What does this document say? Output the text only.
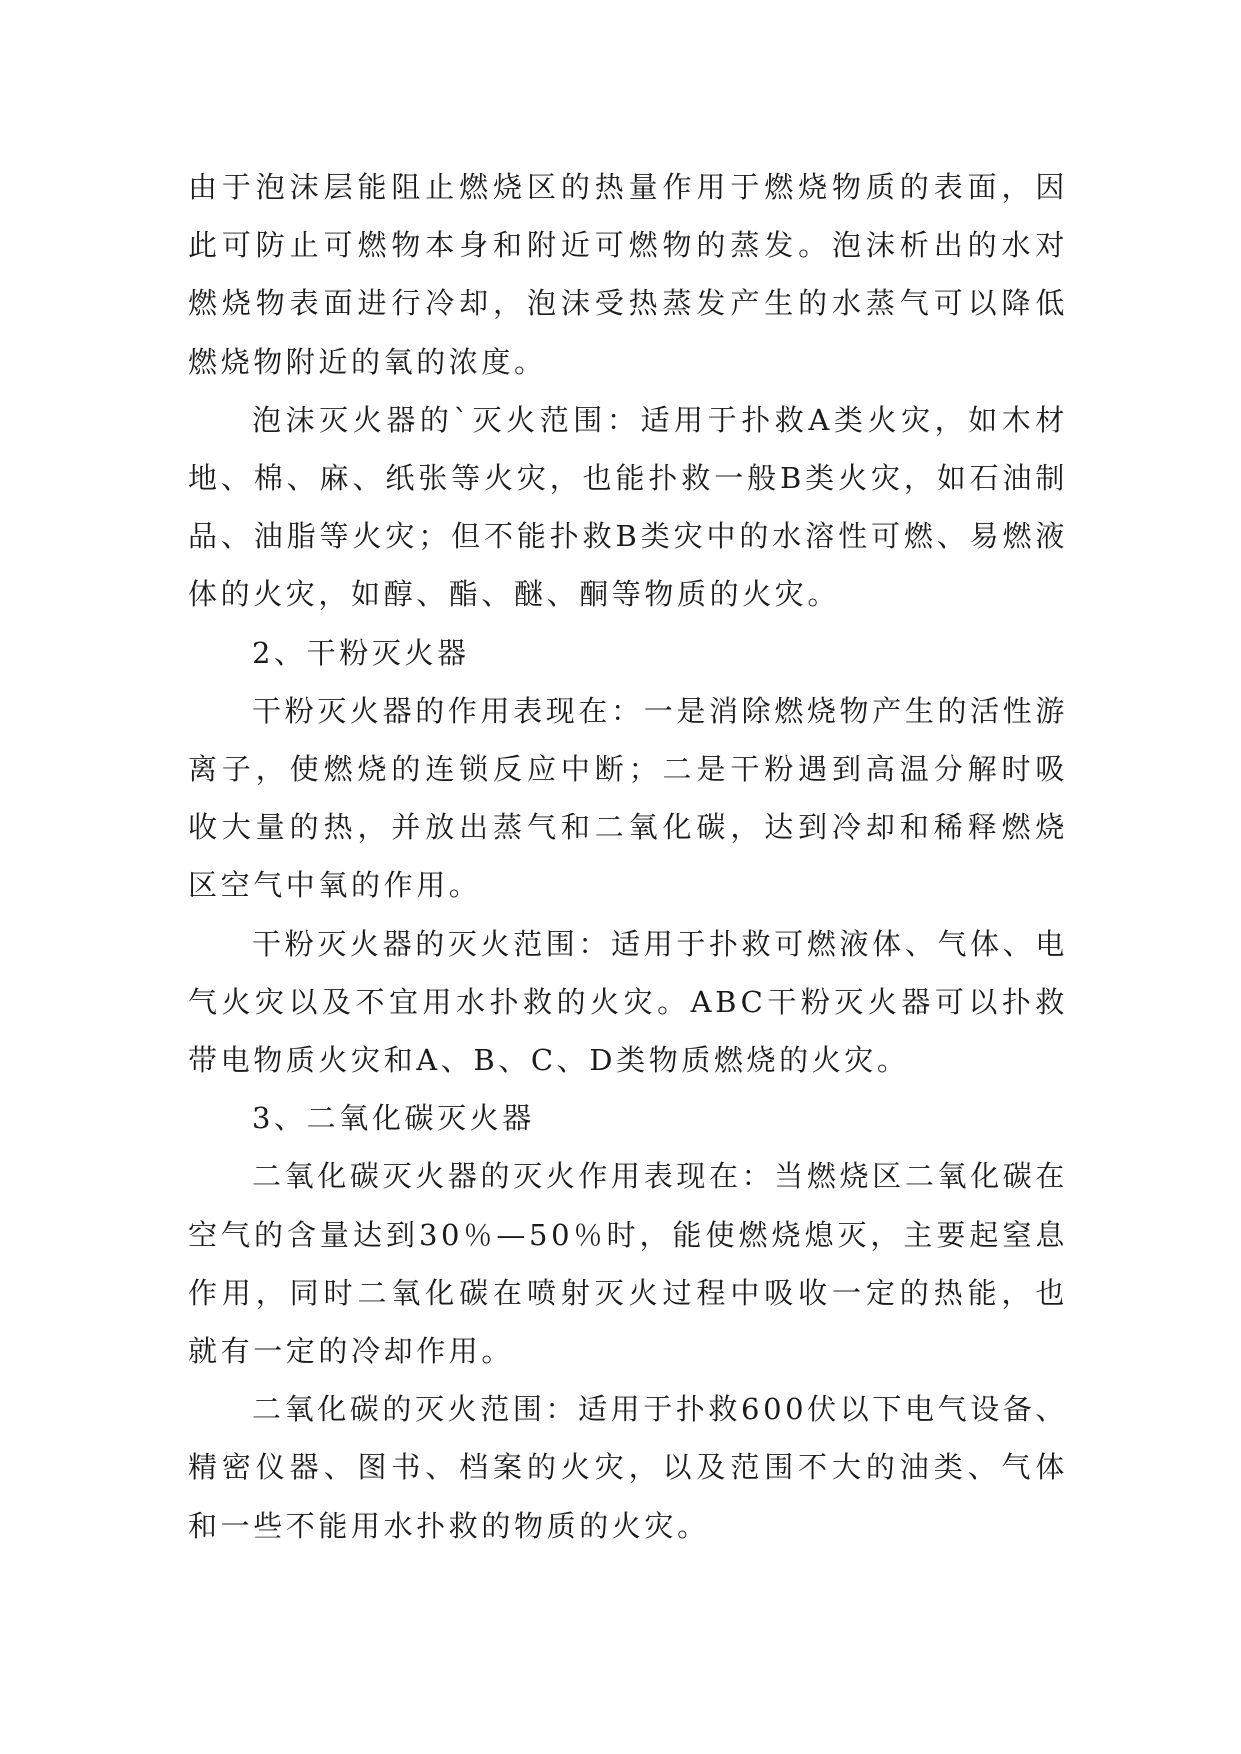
由于泡沫层能阻止燃烧区的热量作用于燃烧物质的表面，因此可防止可燃物本身和附近可燃物的蒸发。泡沫析出的水对燃烧物表面进行冷却，泡沫受热蒸发产生的水蒸气可以降低燃烧物附近的氧的浓度。

泡沫灭火器的`灭火范围：适用于扑救A类火灾，如木材地、棉、麻、纸张等火灾，也能扑救一般B类火灾，如石油制品、油脂等火灾；但不能扑救B类灾中的水溶性可燃、易燃液体的火灾，如醇、酯、醚、酮等物质的火灾。

2、干粉灭火器

干粉灭火器的作用表现在：一是消除燃烧物产生的活性游离子，使燃烧的连锁反应中断；二是干粉遇到高温分解时吸收大量的热，并放出蒸气和二氧化碳，达到冷却和稀释燃烧区空气中氧的作用。

干粉灭火器的灭火范围：适用于扑救可燃液体、气体、电气火灾以及不宜用水扑救的火灾。ABC干粉灭火器可以扑救带电物质火灾和A、B、C、D类物质燃烧的火灾。

3、二氧化碳灭火器

二氧化碳灭火器的灭火作用表现在：当燃烧区二氧化碳在空气的含量达到30％—50％时，能使燃烧熄灭，主要起窒息作用，同时二氧化碳在喷射灭火过程中吸收一定的热能，也就有一定的冷却作用。

二氧化碳的灭火范围：适用于扑救600伏以下电气设备、精密仪器、图书、档案的火灾，以及范围不大的油类、气体和一些不能用水扑救的物质的火灾。
